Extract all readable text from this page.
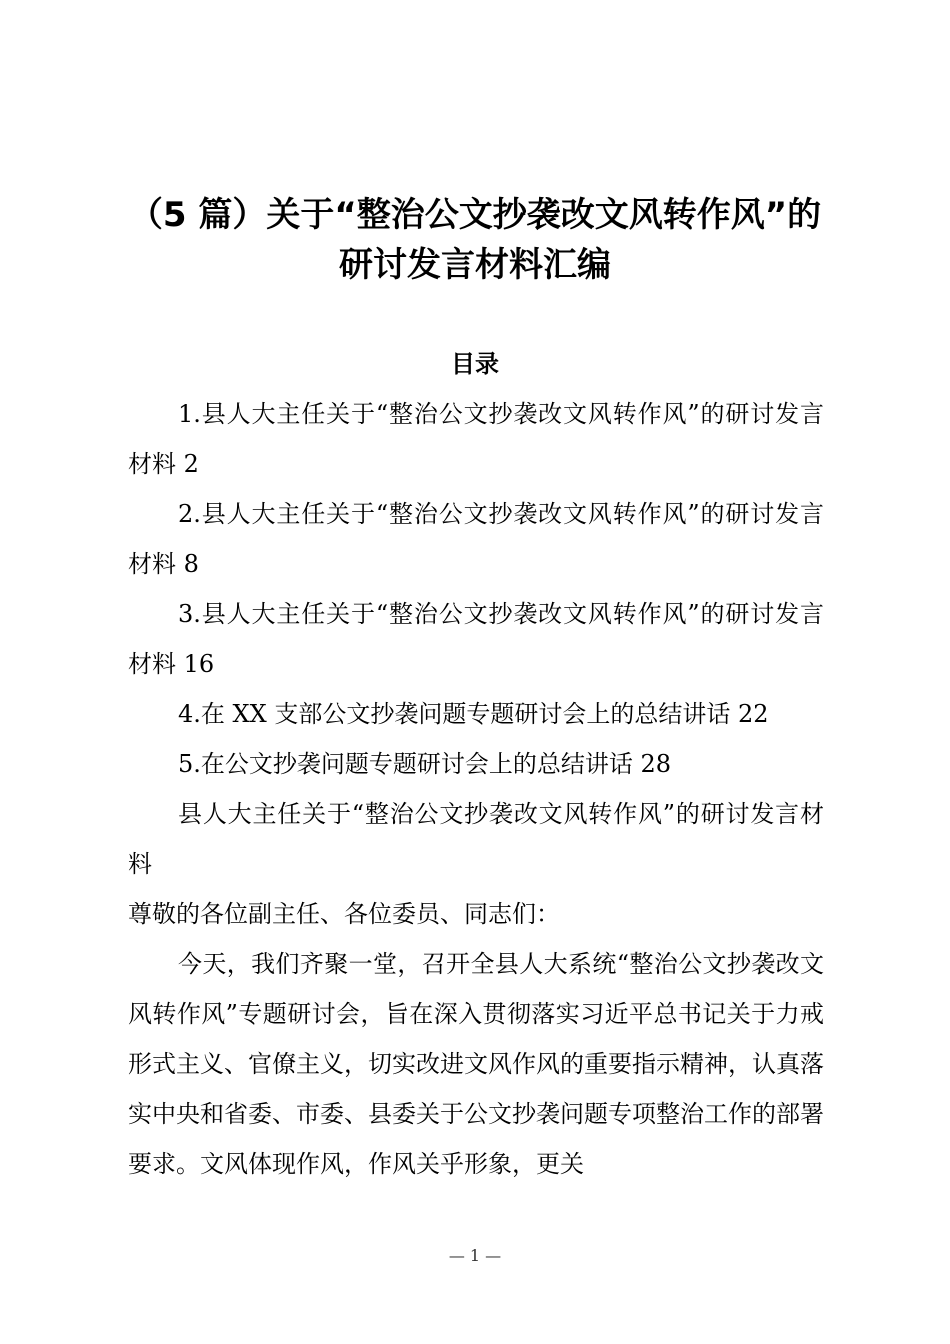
（5 篇）关于“整治公文抄袭改文风转作风”的研讨发言材料汇编
目录

1.县人大主任关于“整治公文抄袭改文风转作风”的研讨发言材料 2

2.县人大主任关于“整治公文抄袭改文风转作风”的研讨发言材料 8

3.县人大主任关于“整治公文抄袭改文风转作风”的研讨发言材料 16

4.在 XX 支部公文抄袭问题专题研讨会上的总结讲话 22

5.在公文抄袭问题专题研讨会上的总结讲话 28

县人大主任关于“整治公文抄袭改文风转作风”的研讨发言材料

尊敬的各位副主任、各位委员、同志们：

今天，我们齐聚一堂，召开全县人大系统“整治公文抄袭改文风转作风”专题研讨会，旨在深入贯彻落实习近平总书记关于力戒形式主义、官僚主义，切实改进文风作风的重要指示精神，认真落实中央和省委、市委、县委关于公文抄袭问题专项整治工作的部署要求。文风体现作风，作风关乎形象，更关

— 1 —
